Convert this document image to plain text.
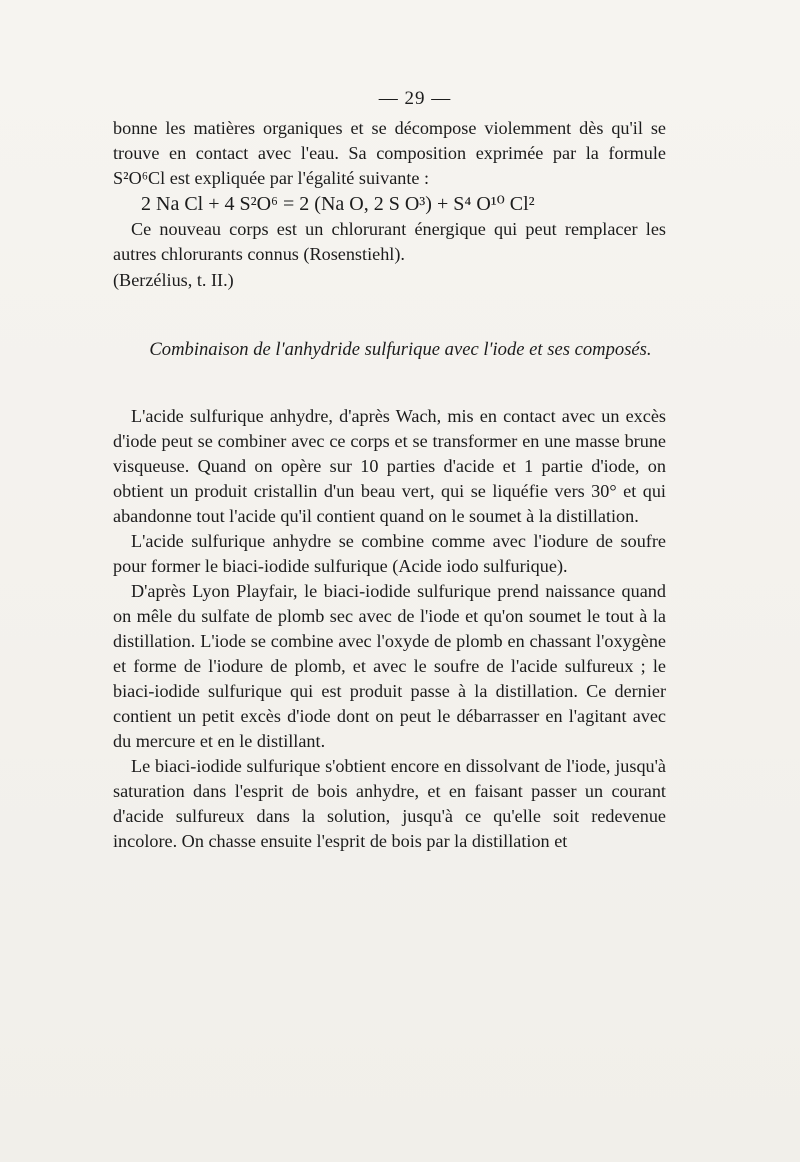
— 29 —

bonne les matières organiques et se décompose violemment dès qu'il se trouve en contact avec l'eau. Sa composition exprimée par la formule S²O⁶Cl est expliquée par l'égalité suivante :

2 Na Cl + 4 S²O⁶ = 2 (Na O, 2 S O³) + S⁴ O¹⁰ Cl²

Ce nouveau corps est un chlorurant énergique qui peut remplacer les autres chlorurants connus (Rosenstiehl).

(Berzélius, t. II.)

Combinaison de l'anhydride sulfurique avec l'iode et ses composés.

L'acide sulfurique anhydre, d'après Wach, mis en contact avec un excès d'iode peut se combiner avec ce corps et se transformer en une masse brune visqueuse. Quand on opère sur 10 parties d'acide et 1 partie d'iode, on obtient un produit cristallin d'un beau vert, qui se liquéfie vers 30° et qui abandonne tout l'acide qu'il contient quand on le soumet à la distillation.

L'acide sulfurique anhydre se combine comme avec l'iodure de soufre pour former le biaci-iodide sulfurique (Acide iodo sulfurique).

D'après Lyon Playfair, le biaci-iodide sulfurique prend naissance quand on mêle du sulfate de plomb sec avec de l'iode et qu'on soumet le tout à la distillation. L'iode se combine avec l'oxyde de plomb en chassant l'oxygène et forme de l'iodure de plomb, et avec le soufre de l'acide sulfureux ; le biaci-iodide sulfurique qui est produit passe à la distillation. Ce dernier contient un petit excès d'iode dont on peut le débarrasser en l'agitant avec du mercure et en le distillant.

Le biaci-iodide sulfurique s'obtient encore en dissolvant de l'iode, jusqu'à saturation dans l'esprit de bois anhydre, et en faisant passer un courant d'acide sulfureux dans la solution, jusqu'à ce qu'elle soit redevenue incolore. On chasse ensuite l'esprit de bois par la distillation et
